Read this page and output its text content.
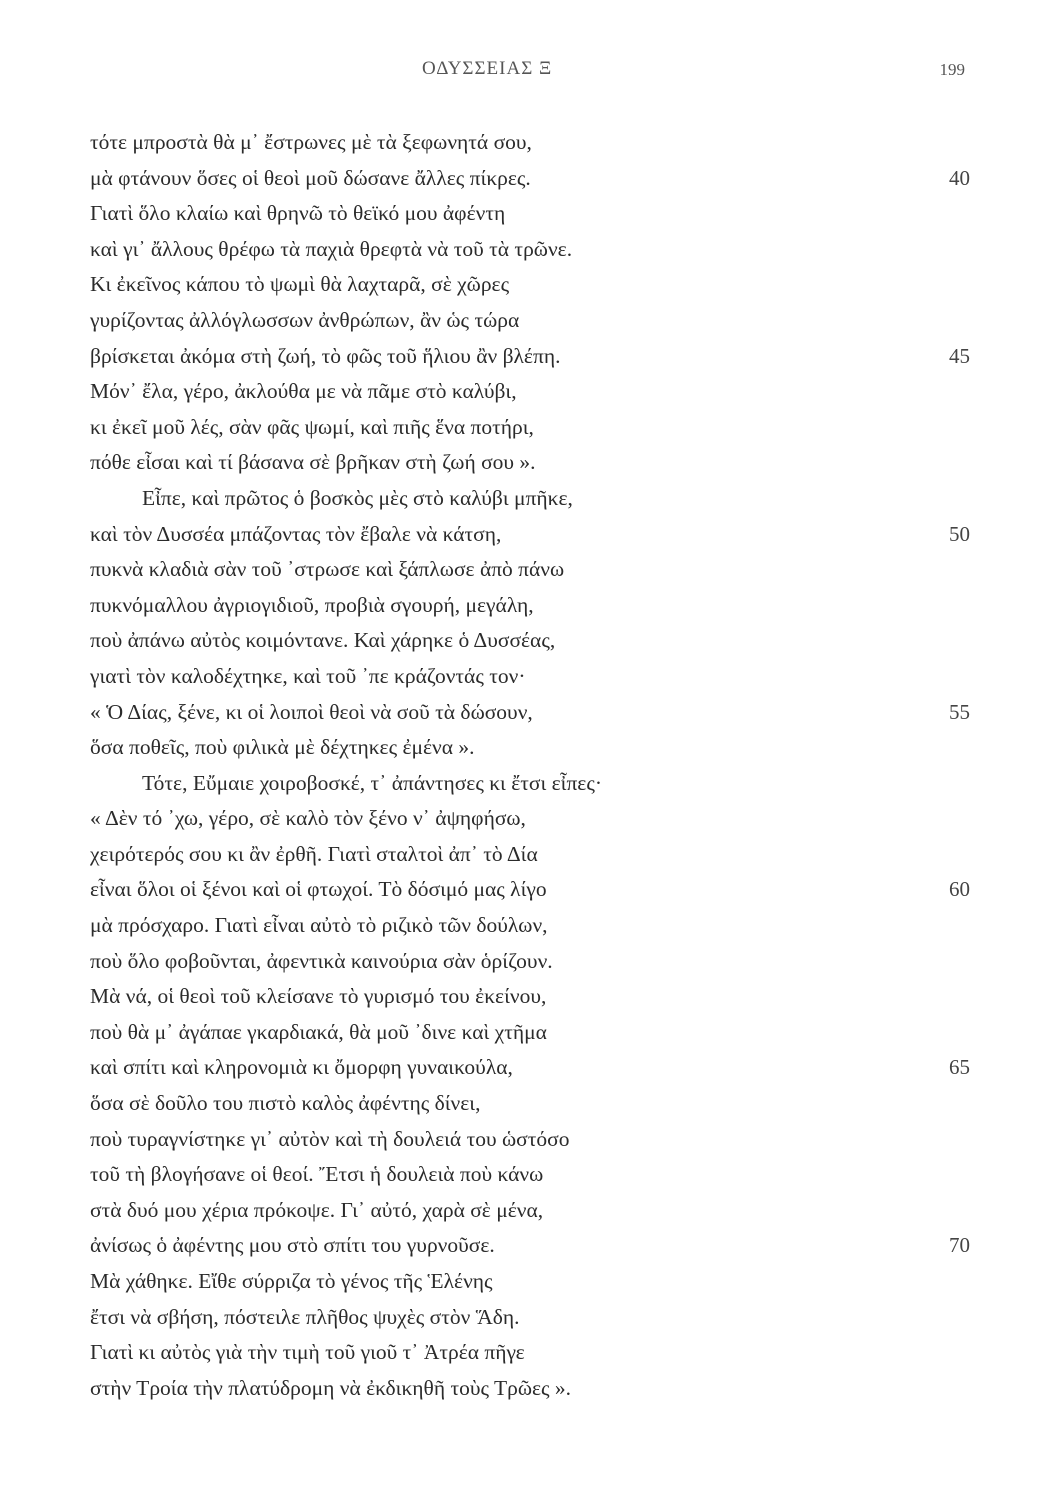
ΟΔΥΣΣΕΙΑΣ Ξ	199
τότε μπροστὰ θὰ μ᾽ ἔστρωνες μὲ τὰ ξεφωνητά σου,
μὰ φτάνουν ὅσες οἱ θεοὶ μοῦ δώσανε ἄλλες πίκρες.	40
Γιατὶ ὅλο κλαίω καὶ θρηνῶ τὸ θεϊκό μου ἀφέντη
καὶ γι᾽ ἄλλους θρέφω τὰ παχιὰ θρεφτὰ νὰ τοῦ τὰ τρῶνε.
Κι ἐκεῖνος κάπου τὸ ψωμὶ θὰ λαχταρᾶ, σὲ χῶρες
γυρίζοντας ἀλλόγλωσσων ἀνθρώπων, ἂν ὡς τώρα
βρίσκεται ἀκόμα στὴ ζωή, τὸ φῶς τοῦ ἥλιου ἂν βλέπη.	45
Μόν᾽ ἔλα, γέρο, ἀκλούθα με νὰ πᾶμε στὸ καλύβι,
κι ἐκεῖ μοῦ λές, σὰν φᾶς ψωμί, καὶ πιῆς ἕνα ποτήρι,
πόθε εἶσαι καὶ τί βάσανα σὲ βρῆκαν στὴ ζωή σου ».
Εἶπε, καὶ πρῶτος ὁ βοσκὸς μὲς στὸ καλύβι μπῆκε,
καὶ τὸν Δυσσέα μπάζοντας τὸν ἔβαλε νὰ κάτση,	50
πυκνὰ κλαδιὰ σὰν τοῦ ᾽στρωσε καὶ ξάπλωσε ἀπὸ πάνω
πυκνόμαλλου ἀγριογιδιοῦ, προβιὰ σγουρή, μεγάλη,
ποὺ ἀπάνω αὐτὸς κοιμόντανε. Καὶ χάρηκε ὁ Δυσσέας,
γιατὶ τὸν καλοδέχτηκε, καὶ τοῦ ᾽πε κράζοντάς τον·
« Ὁ Δίας, ξένε, κι οἱ λοιποὶ θεοὶ νὰ σοῦ τὰ δώσουν,	55
ὅσα ποθεῖς, ποὺ φιλικὰ μὲ δέχτηκες ἐμένα ».
Τότε, Εὔμαιε χοιροβοσκέ, τ᾽ ἀπάντησες κι ἔτσι εἶπες·
« Δὲν τό ᾽χω, γέρο, σὲ καλὸ τὸν ξένο ν᾽ ἀψηφήσω,
χειρότερός σου κι ἂν ἐρθῆ. Γιατὶ σταλτοὶ ἀπ᾽ τὸ Δία
εἶναι ὅλοι οἱ ξένοι καὶ οἱ φτωχοί. Τὸ δόσιμό μας λίγο	60
μὰ πρόσχαρο. Γιατὶ εἶναι αὐτὸ τὸ ριζικὸ τῶν δούλων,
ποὺ ὅλο φοβοῦνται, ἀφεντικὰ καινούρια σὰν ὁρίζουν.
Μὰ νά, οἱ θεοὶ τοῦ κλείσανε τὸ γυρισμό του ἐκείνου,
ποὺ θὰ μ᾽ ἀγάπαε γκαρδιακά, θὰ μοῦ ᾽δινε καὶ χτῆμα
καὶ σπίτι καὶ κληρονομιὰ κι ὄμορφη γυναικούλα,	65
ὅσα σὲ δοῦλο του πιστὸ καλὸς ἀφέντης δίνει,
ποὺ τυραγνίστηκε γι᾽ αὐτὸν καὶ τὴ δουλειά του ὡστόσο
τοῦ τὴ βλογήσανε οἱ θεοί. Ἔτσι ἡ δουλειὰ ποὺ κάνω
στὰ δυό μου χέρια πρόκοψε. Γι᾽ αὐτό, χαρὰ σὲ μένα,
ἀνίσως ὁ ἀφέντης μου στὸ σπίτι του γυρνοῦσε.	70
Μὰ χάθηκε. Εἴθε σύρριζα τὸ γένος τῆς Ἑλένης
ἔτσι νὰ σβήση, πόστειλε πλῆθος ψυχὲς στὸν Ἅδη.
Γιατὶ κι αὐτὸς γιὰ τὴν τιμὴ τοῦ γιοῦ τ᾽ Ἀτρέα πῆγε
στὴν Τροία τὴν πλατύδρομη νὰ ἐκδικηθῆ τοὺς Τρῶες ».
